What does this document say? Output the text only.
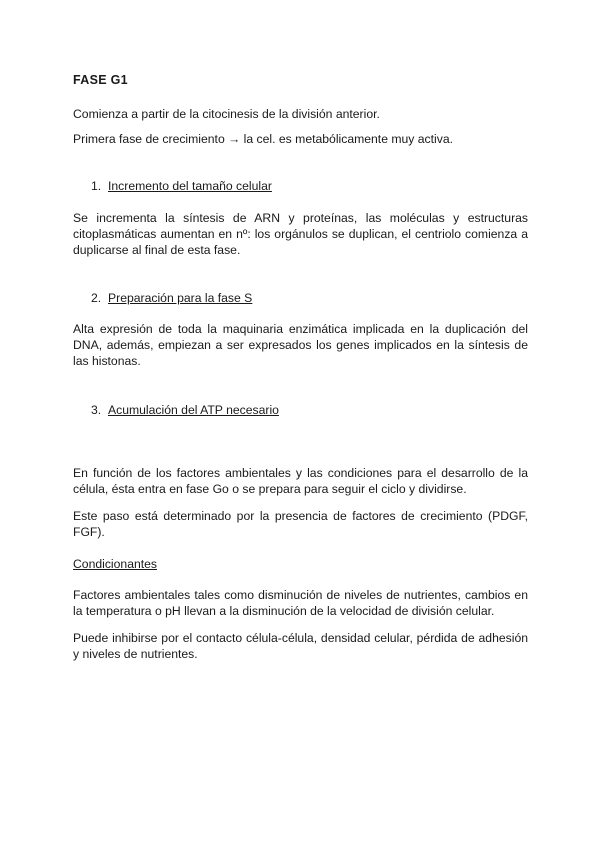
FASE G1

Comienza a partir de la citocinesis de la división anterior.

Primera fase de crecimiento → la cel. es metabólicamente muy activa.

1. Incremento del tamaño celular

Se incrementa la síntesis de ARN y proteínas, las moléculas y estructuras citoplasmáticas aumentan en nº: los orgánulos se duplican, el centriolo comienza a duplicarse al final de esta fase.

2. Preparación para la fase S

Alta expresión de toda la maquinaria enzimática implicada en la duplicación del DNA, además, empiezan a ser expresados los genes implicados en la síntesis de las histonas.

3. Acumulación del ATP necesario

En función de los factores ambientales y las condiciones para el desarrollo de la célula, ésta entra en fase Go o se prepara para seguir el ciclo y dividirse.

Este paso está determinado por la presencia de factores de crecimiento (PDGF, FGF).

Condicionantes

Factores ambientales tales como disminución de niveles de nutrientes, cambios en la temperatura o pH llevan a la disminución de la velocidad de división celular.

Puede inhibirse por el contacto célula-célula, densidad celular, pérdida de adhesión y niveles de nutrientes.
